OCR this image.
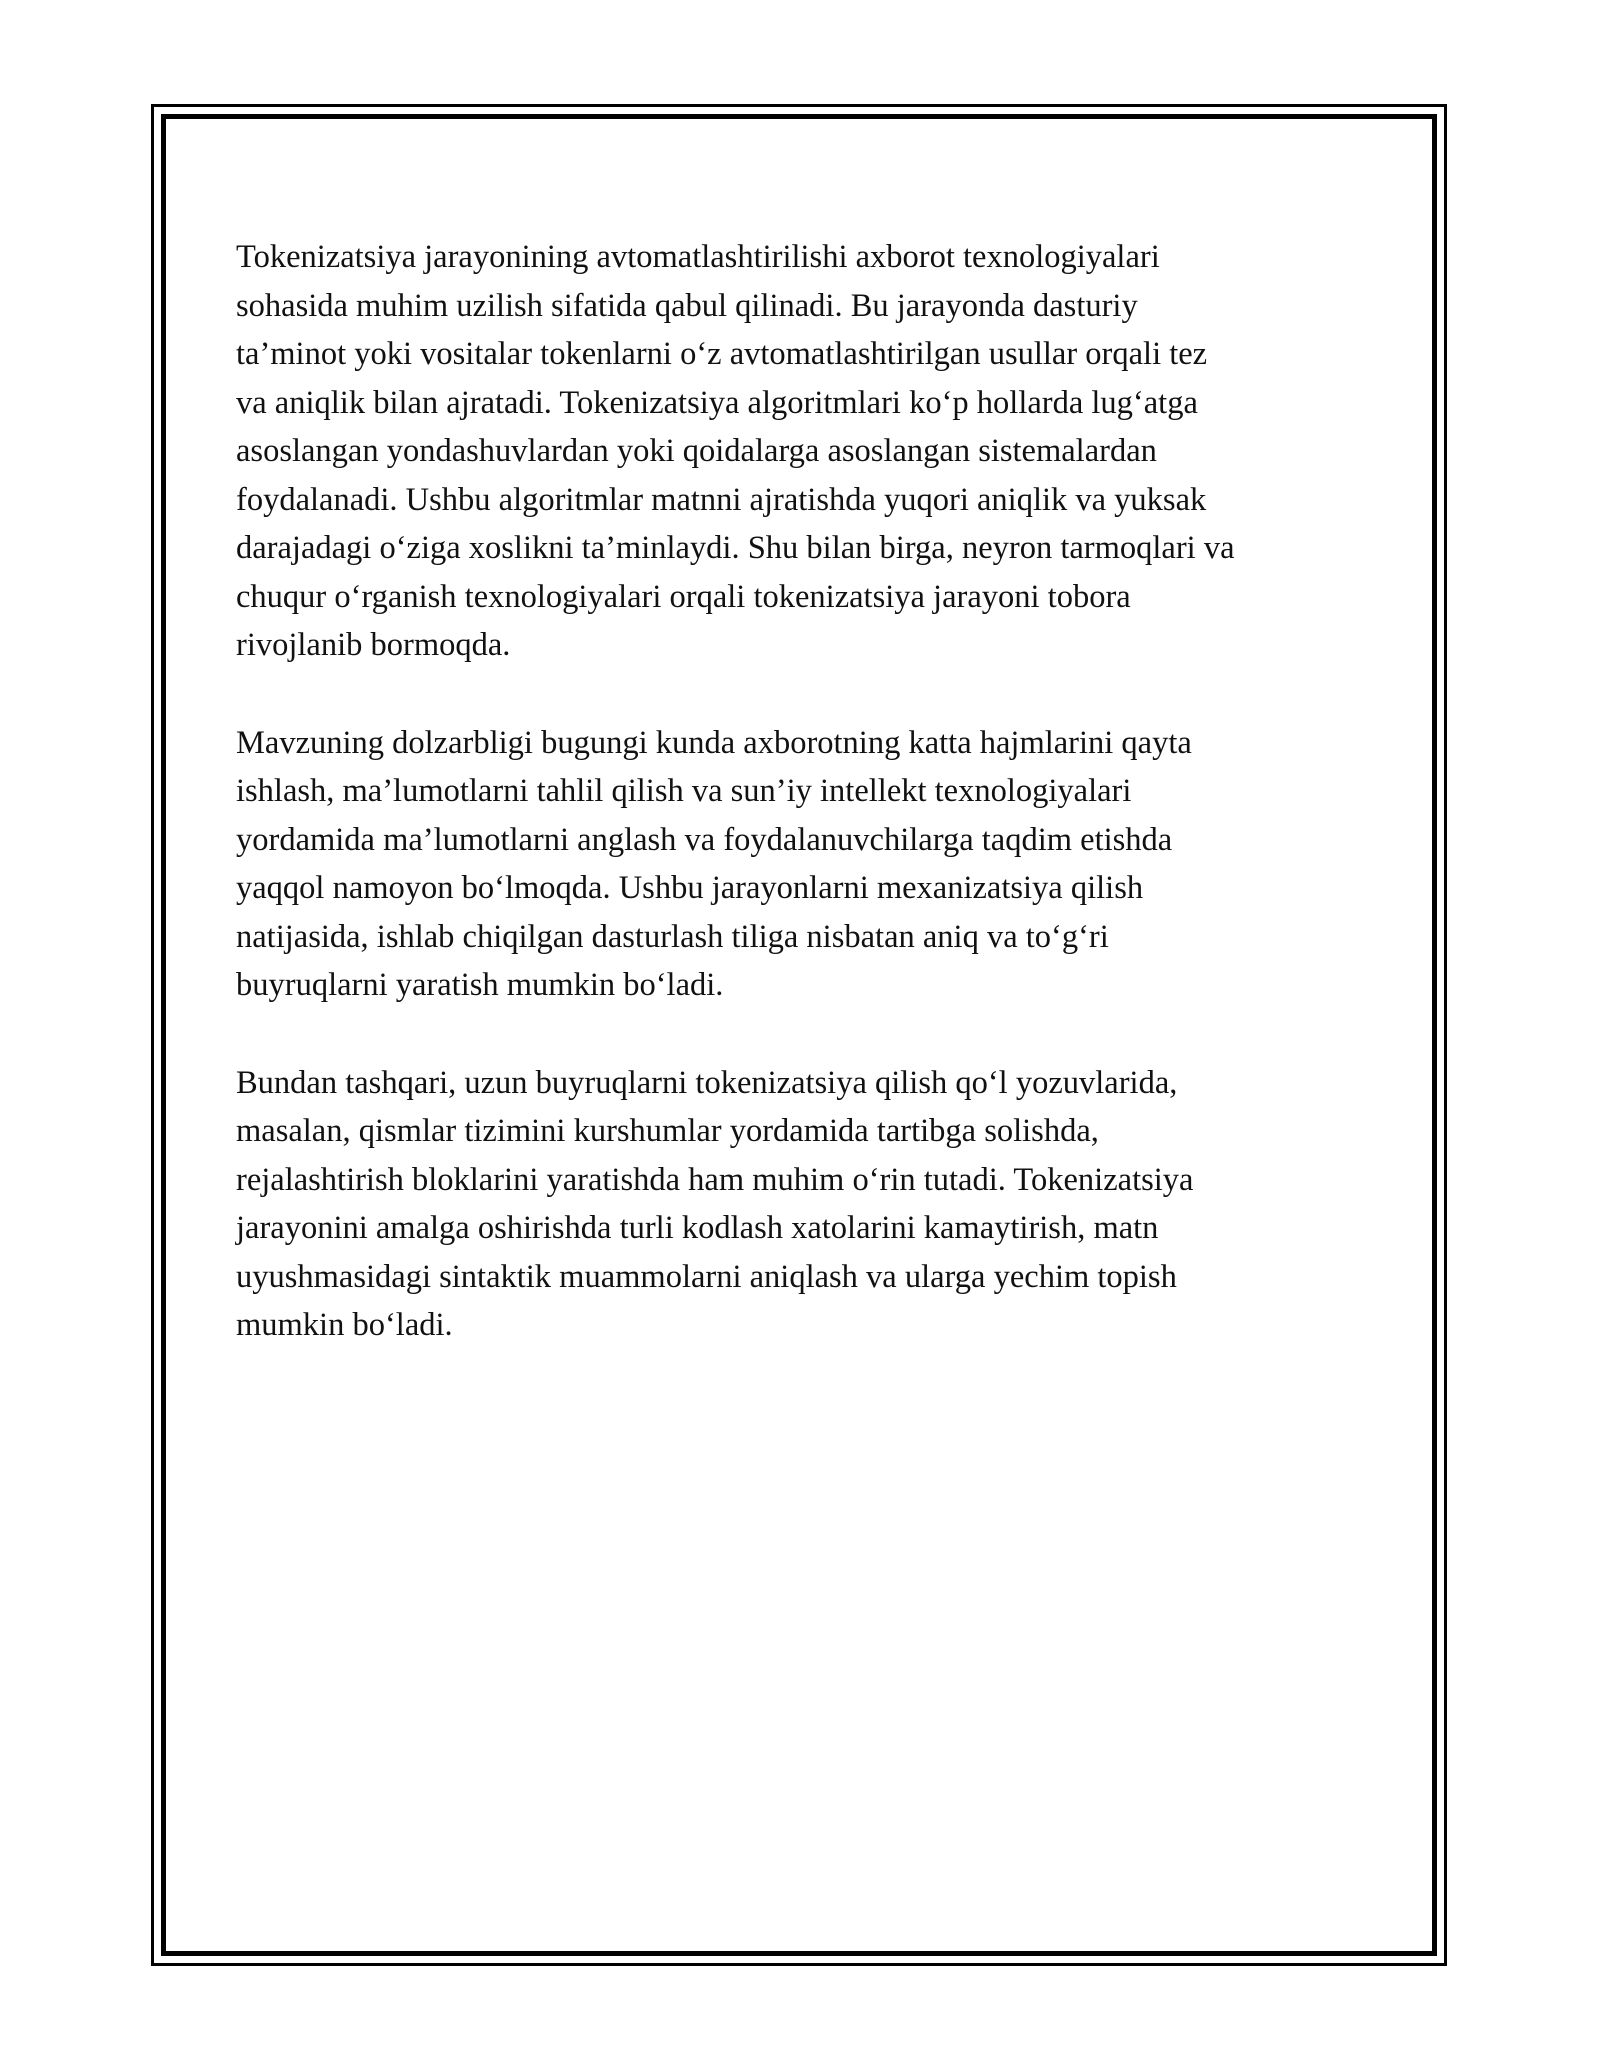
Tokenizatsiya jarayonining avtomatlashtirilishi axborot texnologiyalari
sohasida muhim uzilish sifatida qabul qilinadi. Bu jarayonda dasturiy
ta’minot yoki vositalar tokenlarni o‘z avtomatlashtirilgan usullar orqali tez
va aniqlik bilan ajratadi. Tokenizatsiya algoritmlari ko‘p hollarda lug‘atga
asoslangan yondashuvlardan yoki qoidalarga asoslangan sistemalardan
foydalanadi. Ushbu algoritmlar matnni ajratishda yuqori aniqlik va yuksak
darajadagi o‘ziga xoslikni ta’minlaydi. Shu bilan birga, neyron tarmoqlari va
chuqur o‘rganish texnologiyalari orqali tokenizatsiya jarayoni tobora
rivojlanib bormoqda.

Mavzuning dolzarbligi bugungi kunda axborotning katta hajmlarini qayta
ishlash, ma’lumotlarni tahlil qilish va sun’iy intellekt texnologiyalari
yordamida ma’lumotlarni anglash va foydalanuvchilarga taqdim etishda
yaqqol namoyon bo‘lmoqda. Ushbu jarayonlarni mexanizatsiya qilish
natijasida, ishlab chiqilgan dasturlash tiliga nisbatan aniq va to‘g‘ri
buyruqlarni yaratish mumkin bo‘ladi.

Bundan tashqari, uzun buyruqlarni tokenizatsiya qilish qo‘l yozuvlarida,
masalan, qismlar tizimini kurshumlar yordamida tartibga solishda,
rejalashtirish bloklarini yaratishda ham muhim o‘rin tutadi. Tokenizatsiya
jarayonini amalga oshirishda turli kodlash xatolarini kamaytirish, matn
uyushmasidagi sintaktik muammolarni aniqlash va ularga yechim topish
mumkin bo‘ladi.
